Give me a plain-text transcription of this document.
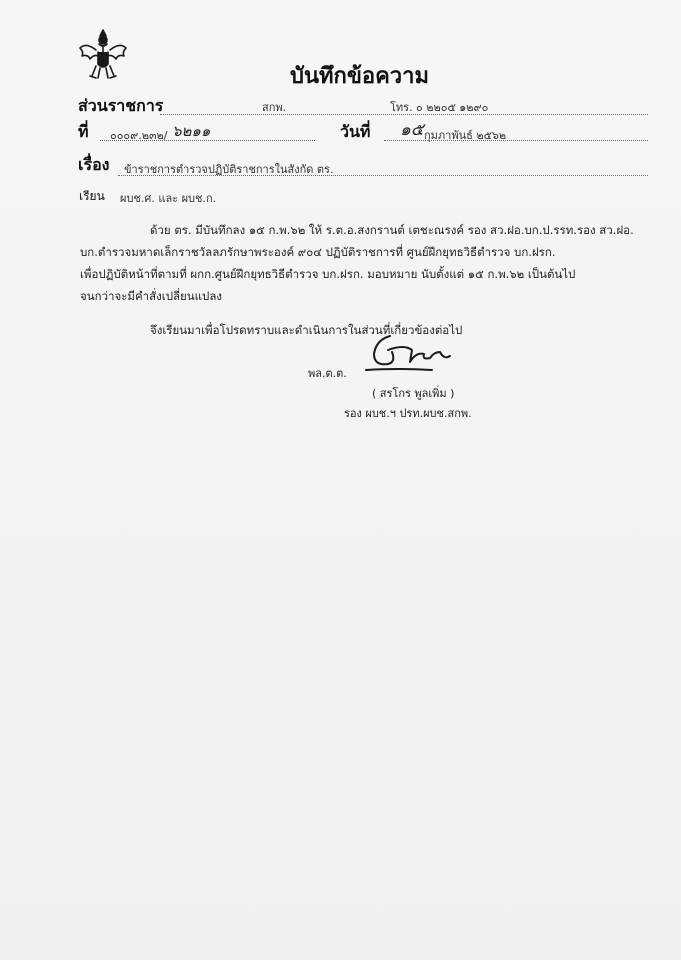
บันทึกข้อความ
ส่วนราชการ	สกพ.	โทร. ๐ ๒๒๐๕ ๑๒๙๐
ที่ ๐๐๐๙.๒๓๒/ ๖๒๑๑	วันที่ ๑๕ กุมภาพันธ์ ๒๕๖๒
เรื่อง ข้าราชการตำรวจปฏิบัติราชการในสังกัด ตร.
เรียน ผบช.ศ. และ ผบช.ก.
ด้วย ตร. มีบันทึกลง ๑๕ ก.พ.๖๒ ให้ ร.ต.อ.สงกรานต์ เตชะณรงค์ รอง สว.ฝอ.บก.ป.รรท.รอง สว.ฝอ.
บก.ตำรวจมหาดเล็กราชวัลลภรักษาพระองค์ ๙๐๔ ปฏิบัติราชการที่ ศูนย์ฝึกยุทธวิธีตำรวจ บก.ฝรก.
เพื่อปฏิบัติหน้าที่ตามที่ ผกก.ศูนย์ฝึกยุทธวิธีตำรวจ บก.ฝรก. มอบหมาย นับตั้งแต่ ๑๕ ก.พ.๖๒ เป็นต้นไป
จนกว่าจะมีคำสั่งเปลี่ยนแปลง
จึงเรียนมาเพื่อโปรดทราบและดำเนินการในส่วนที่เกี่ยวข้องต่อไป
พล.ต.ต.
( สรโกร พูลเพิ่ม )
รอง ผบช.ฯ ปรท.ผบช.สกพ.
